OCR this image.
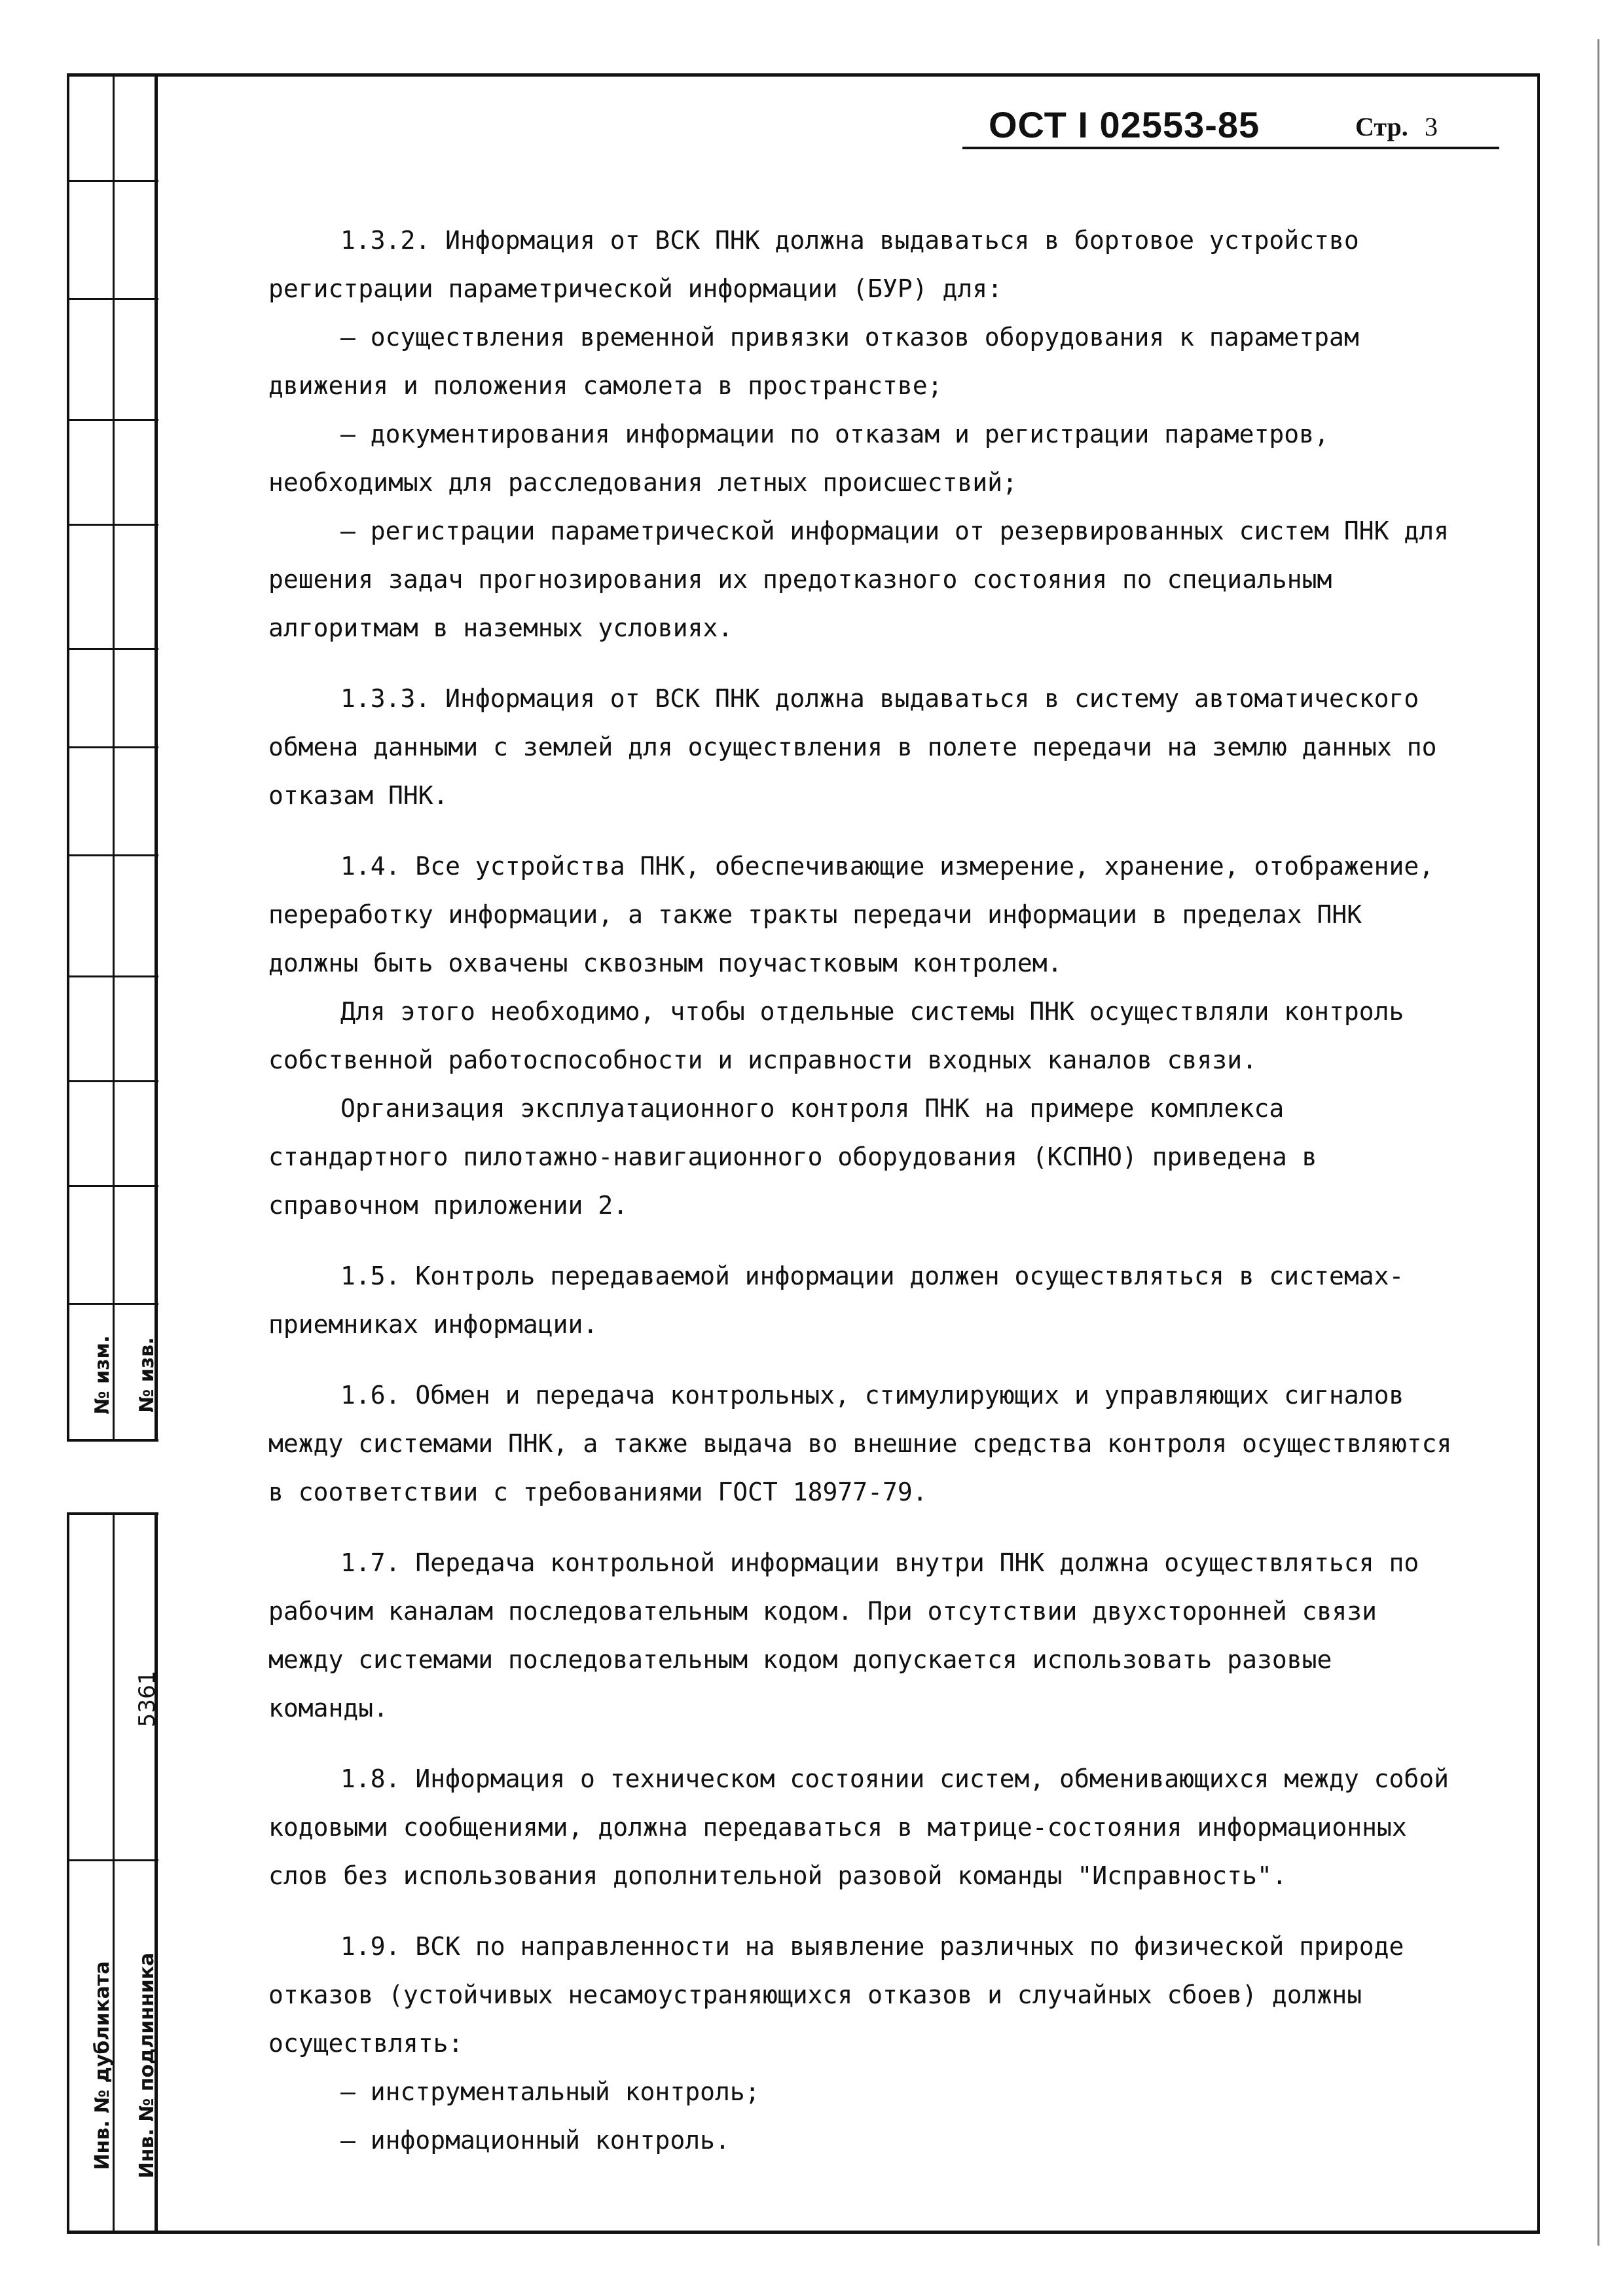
№ изм. № изв.
5361
Инв. № дубликата Инв. № подлинника
ОСТ I 02553-85	Стр. 3

1.3.2. Информация от ВСК ПНК должна выдаваться в бортовое устройство регистрации параметрической информации (БУР) для:

– осуществления временной привязки отказов оборудования к параметрам движения и положения самолета в пространстве;

– документирования информации по отказам и регистрации параметров, необходимых для расследования летных происшествий;

– регистрации параметрической информации от резервированных систем ПНК для решения задач прогнозирования их предотказного состояния по специальным алгоритмам в наземных условиях.

1.3.3. Информация от ВСК ПНК должна выдаваться в систему автоматического обмена данными с землей для осуществления в полете передачи на землю данных по отказам ПНК.

1.4. Все устройства ПНК, обеспечивающие измерение, хранение, отображение, переработку информации, а также тракты передачи информации в пределах ПНК должны быть охвачены сквозным поучастковым контролем.

Для этого необходимо, чтобы отдельные системы ПНК осуществляли контроль собственной работоспособности и исправности входных каналов связи.

Организация эксплуатационного контроля ПНК на примере комплекса стандартного пилотажно-навигационного оборудования (КСПНО) приведена в справочном приложении 2.

1.5. Контроль передаваемой информации должен осуществляться в системах-приемниках информации.

1.6. Обмен и передача контрольных, стимулирующих и управляющих сигналов между системами ПНК, а также выдача во внешние средства контроля осуществляются в соответствии с требованиями ГОСТ 18977-79.

1.7. Передача контрольной информации внутри ПНК должна осуществляться по рабочим каналам последовательным кодом. При отсутствии двухсторонней связи между системами последовательным кодом допускается использовать разовые команды.

1.8. Информация о техническом состоянии систем, обменивающихся между собой кодовыми сообщениями, должна передаваться в матрице-состояния информационных слов без использования дополнительной разовой команды "Исправность".

1.9. ВСК по направленности на выявление различных по физической природе отказов (устойчивых несамоустраняющихся отказов и случайных сбоев) должны осуществлять:

– инструментальный контроль;

– информационный контроль.
